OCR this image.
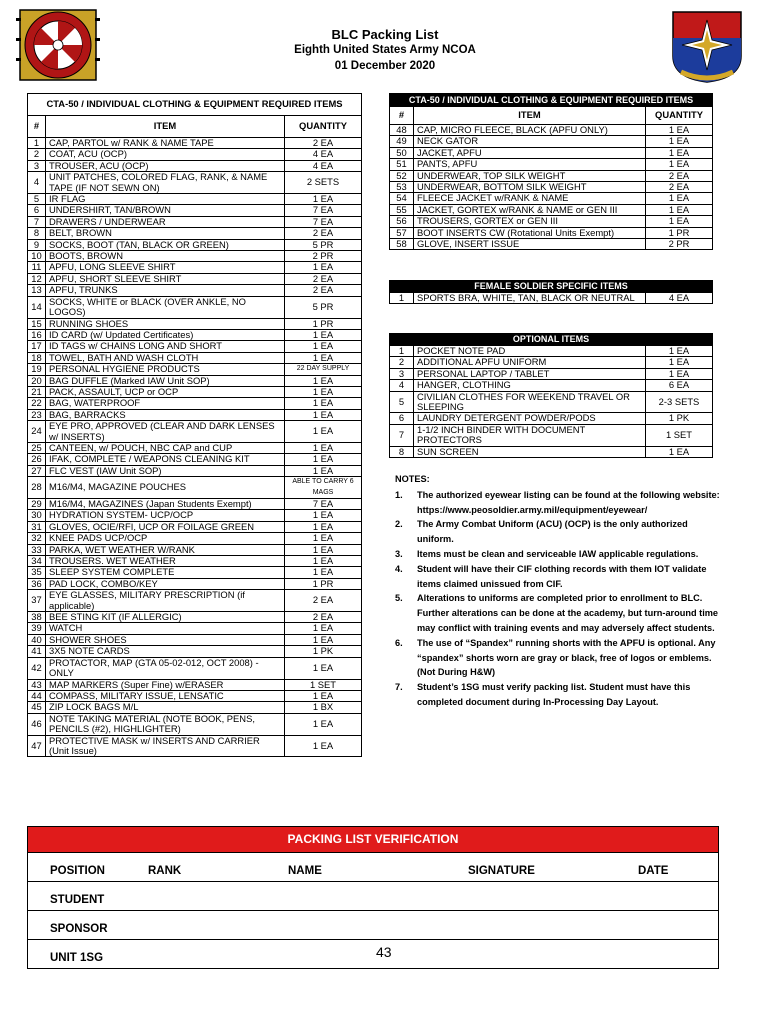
BLC Packing List
Eighth United States Army NCOA
01 December 2020
CTA-50 / INDIVIDUAL CLOTHING & EQUIPMENT REQUIRED ITEMS		
#	ITEM	QUANTITY
1	CAP, PARTOL w/ RANK & NAME TAPE	2 EA
2	COAT, ACU (OCP)	4 EA
3	TROUSER, ACU (OCP)	4 EA
4	UNIT PATCHES, COLORED FLAG, RANK, & NAME TAPE (IF NOT SEWN ON)	2 SETS
5	IR FLAG	1 EA
6	UNDERSHIRT, TAN/BROWN	7 EA
7	DRAWERS / UNDERWEAR	7 EA
8	BELT, BROWN	2 EA
9	SOCKS, BOOT (TAN, BLACK OR GREEN)	5 PR
10	BOOTS, BROWN	2 PR
11	APFU, LONG SLEEVE SHIRT	1 EA
12	APFU, SHORT SLEEVE SHIRT	2 EA
13	APFU, TRUNKS	2 EA
14	SOCKS, WHITE or BLACK (OVER ANKLE, NO LOGOS)	5 PR
15	RUNNING SHOES	1 PR
16	ID CARD (w/ Updated Certificates)	1 EA
17	ID TAGS w/ CHAINS LONG AND SHORT	1 EA
18	TOWEL, BATH AND WASH CLOTH	1 EA
19	PERSONAL HYGIENE PRODUCTS	22 DAY SUPPLY
20	BAG DUFFLE (Marked IAW Unit SOP)	1 EA
21	PACK, ASSAULT, UCP or OCP	1 EA
22	BAG, WATERPROOF	1 EA
23	BAG, BARRACKS	1 EA
24	EYE PRO, APPROVED (CLEAR AND DARK LENSES w/ INSERTS)	1 EA
25	CANTEEN, w/ POUCH, NBC CAP and CUP	1 EA
26	IFAK, COMPLETE / WEAPONS CLEANING KIT	1 EA
27	FLC VEST (IAW Unit SOP)	1 EA
28	M16/M4, MAGAZINE POUCHES	ABLE TO CARRY 6 MAGS
29	M16/M4, MAGAZINES (Japan Students Exempt)	7 EA
30	HYDRATION SYSTEM- UCP/OCP	1 EA
31	GLOVES, OCIE/RFI, UCP OR FOILAGE GREEN	1 EA
32	KNEE PADS UCP/OCP	1 EA
33	PARKA, WET WEATHER W/RANK	1 EA
34	TROUSERS. WET WEATHER	1 EA
35	SLEEP SYSTEM COMPLETE	1 EA
36	PAD LOCK, COMBO/KEY	1 PR
37	EYE GLASSES, MILITARY PRESCRIPTION (if applicable)	2 EA
38	BEE STING KIT (IF ALLERGIC)	2 EA
39	WATCH	1 EA
40	SHOWER SHOES	1 EA
41	3X5 NOTE CARDS	1 PK
42	PROTACTOR, MAP (GTA 05-02-012, OCT 2008) - ONLY	1 EA
43	MAP MARKERS (Super Fine) w/ERASER	1 SET
44	COMPASS, MILITARY ISSUE, LENSATIC	1 EA
45	ZIP LOCK BAGS M/L	1 BX
46	NOTE TAKING MATERIAL (NOTE BOOK, PENS, PENCILS (#2), HIGHLIGHTER)	1 EA
47	PROTECTIVE MASK w/ INSERTS AND CARRIER (Unit Issue)	1 EA
CTA-50 / INDIVIDUAL CLOTHING & EQUIPMENT REQUIRED ITEMS		
#	ITEM	QUANTITY
48	CAP, MICRO FLEECE, BLACK (APFU ONLY)	1 EA
49	NECK GATOR	1 EA
50	JACKET, APFU	1 EA
51	PANTS, APFU	1 EA
52	UNDERWEAR, TOP SILK WEIGHT	2 EA
53	UNDERWEAR, BOTTOM SILK WEIGHT	2 EA
54	FLEECE JACKET w/RANK & NAME	1 EA
55	JACKET, GORTEX w/RANK & NAME or GEN III	1 EA
56	TROUSERS, GORTEX or GEN III	1 EA
57	BOOT INSERTS CW (Rotational Units Exempt)	1 PR
58	GLOVE, INSERT ISSUE	2 PR
FEMALE SOLDIER SPECIFIC ITEMS
1	SPORTS BRA, WHITE, TAN, BLACK OR NEUTRAL	4 EA
OPTIONAL ITEMS		
1	POCKET NOTE PAD	1 EA
2	ADDITIONAL APFU UNIFORM	1 EA
3	PERSONAL LAPTOP / TABLET	1 EA
4	HANGER, CLOTHING	6 EA
5	CIVILIAN CLOTHES FOR WEEKEND TRAVEL OR SLEEPING	2-3 SETS
6	LAUNDRY DETERGENT POWDER/PODS	1 PK
7	1-1/2 INCH BINDER WITH DOCUMENT PROTECTORS	1 SET
8	SUN SCREEN	1 EA
NOTES:
1.	The authorized eyewear listing can be found at the following website: https://www.peosoldier.army.mil/equipment/eyewear/
2.	The Army Combat Uniform (ACU) (OCP) is the only authorized uniform.
3.	Items must be clean and serviceable IAW applicable regulations.
4.	Student will have their CIF clothing records with them IOT validate items claimed unissued from CIF.
5.	Alterations to uniforms are completed prior to enrollment to BLC. Further alterations can be done at the academy, but turn-around time may conflict with training events and may adversely affect students.
6.	The use of “Spandex” running shorts with the APFU is optional. Any “spandex” shorts worn are gray or black, free of logos or emblems. (Not During H&W)
7.	Student’s 1SG must verify packing list. Student must have this completed document during In-Processing Day Layout.
PACKING LIST VERIFICATION
POSITION	RANK	NAME	SIGNATURE	DATE
STUDENT
SPONSOR
UNIT 1SG	43
